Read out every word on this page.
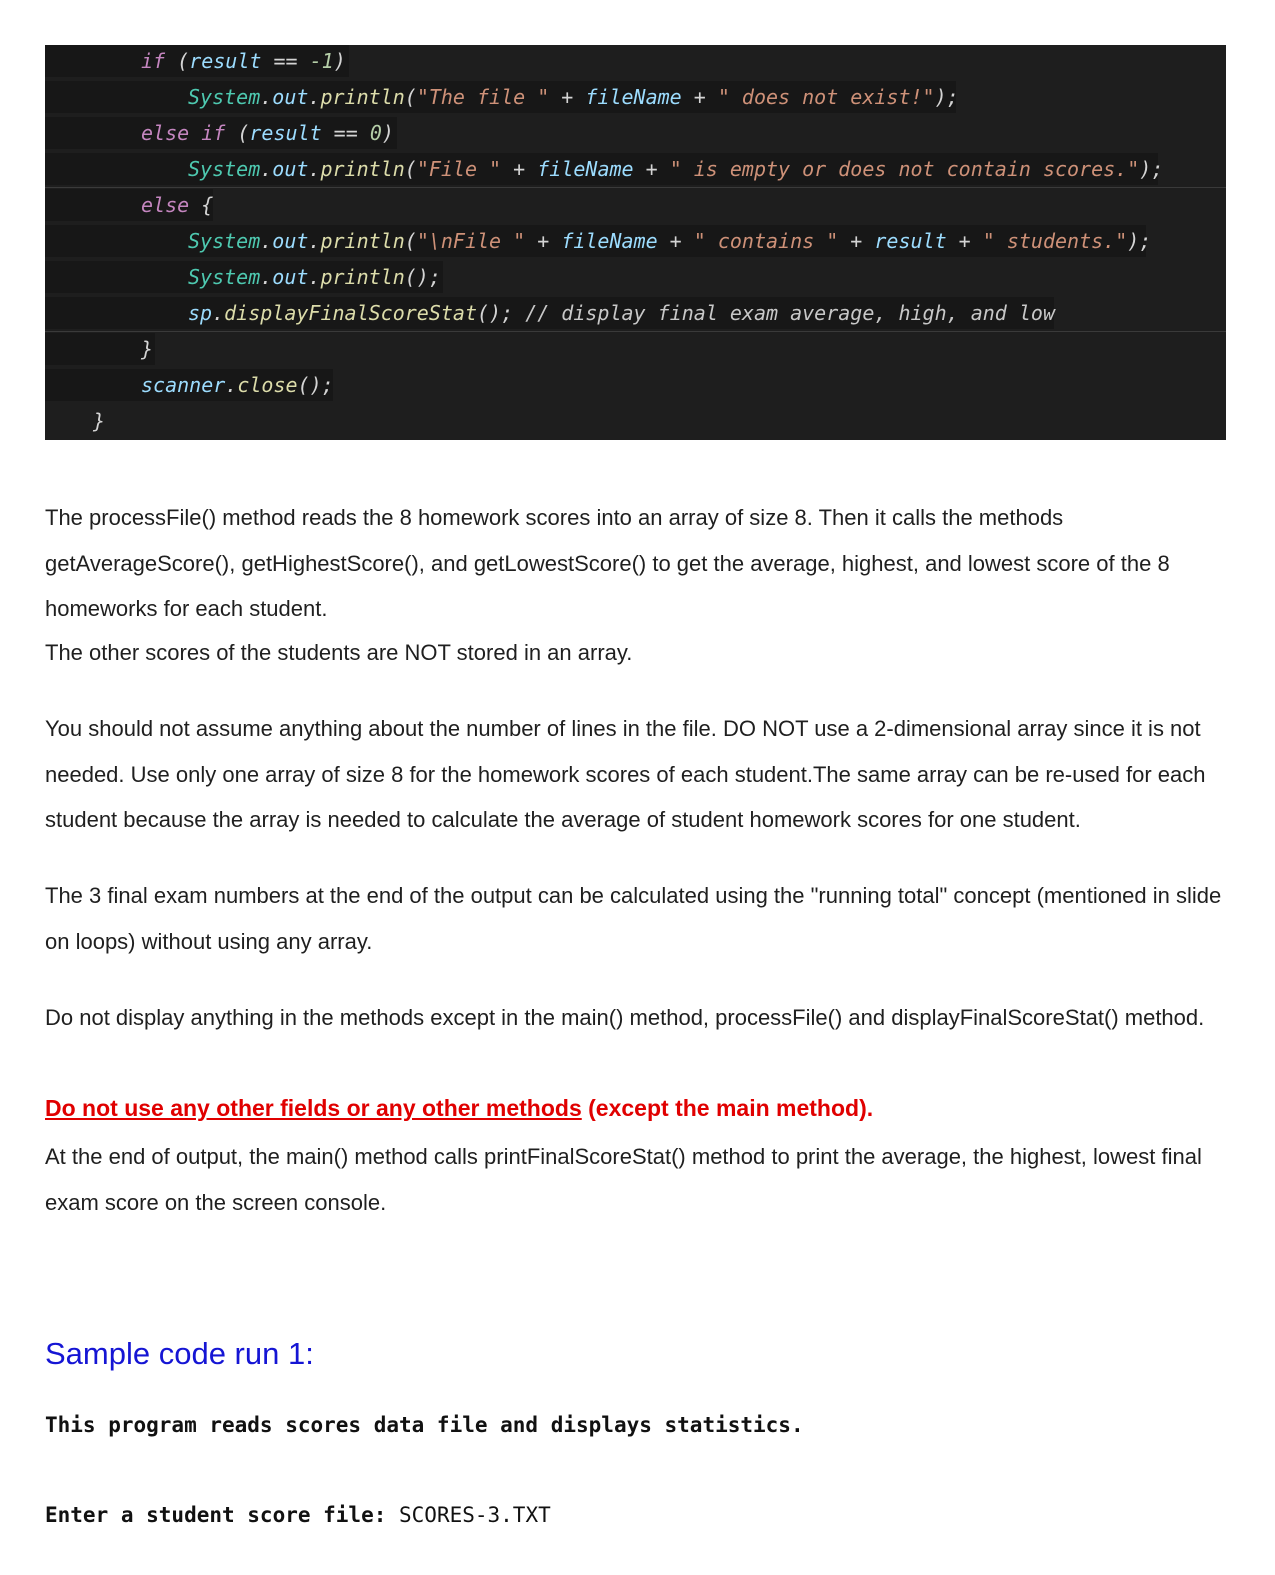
if (result == -1)
System.out.println("The file " + fileName + " does not exist!");
else if (result == 0)
System.out.println("File " + fileName + " is empty or does not contain scores.");
else {
System.out.println("\nFile " + fileName + " contains " + result + " students.");
System.out.println();
sp.displayFinalScoreStat(); // display final exam average, high, and low
}
scanner.close();
}

The processFile() method reads the 8 homework scores into an array of size 8. Then it calls the methods getAverageScore(), getHighestScore(), and getLowestScore() to get the average, highest, and lowest score of the 8 homeworks for each student.

The other scores of the students are NOT stored in an array.

You should not assume anything about the number of lines in the file. DO NOT use a 2-dimensional array since it is not needed. Use only one array of size 8 for the homework scores of each student.The same array can be re-used for each student because the array is needed to calculate the average of student homework scores for one student.

The 3 final exam numbers at the end of the output can be calculated using the "running total" concept (mentioned in slide on loops) without using any array.

Do not display anything in the methods except in the main() method, processFile() and displayFinalScoreStat() method.

Do not use any other fields or any other methods (except the main method).

At the end of output, the main() method calls printFinalScoreStat() method to print the average, the highest, lowest final exam score on the screen console.

Sample code run 1:

This program reads scores data file and displays statistics.

Enter a student score file: SCORES-3.TXT
